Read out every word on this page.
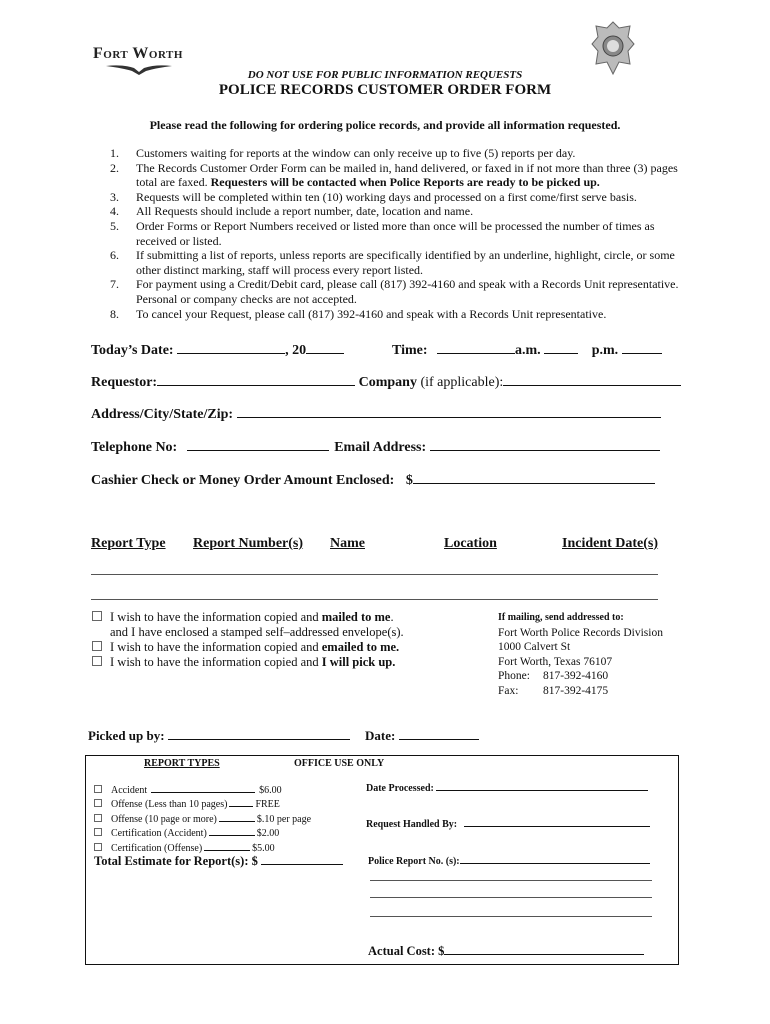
Fort Worth
DO NOT USE FOR PUBLIC INFORMATION REQUESTS
POLICE RECORDS CUSTOMER ORDER FORM
Please read the following for ordering police records, and provide all information requested.
1.	Customers waiting for reports at the window can only receive up to five (5) reports per day.
2.	The Records Customer Order Form can be mailed in, hand delivered, or faxed in if not more than three (3) pages total are faxed. Requesters will be contacted when Police Reports are ready to be picked up.
3.	Requests will be completed within ten (10) working days and processed on a first come/first serve basis.
4.	All Requests should include a report number, date, location and name.
5.	Order Forms or Report Numbers received or listed more than once will be processed the number of times as received or listed.
6.	If submitting a list of reports, unless reports are specifically identified by an underline, highlight, circle, or some other distinct marking, staff will process every report listed.
7.	For payment using a Credit/Debit card, please call (817) 392-4160 and speak with a Records Unit representative. Personal or company checks are not accepted.
8.	To cancel your Request, please call (817) 392-4160 and speak with a Records Unit representative.
Today’s Date:	, 20	Time:	a.m.	p.m.
Requestor:	Company (if applicable):
Address/City/State/Zip:
Telephone No:	Email Address:
Cashier Check or Money Order Amount Enclosed: $
Report Type Report Number(s) Name	Location	Incident Date(s)
I wish to have the information copied and mailed to me.
and I have enclosed a stamped self–addressed envelope(s).
I wish to have the information copied and emailed to me.
I wish to have the information copied and I will pick up.
If mailing, send addressed to:
Fort Worth Police Records Division
1000 Calvert St
Fort Worth, Texas 76107
Phone: 817-392-4160
Fax: 817-392-4175
Picked up by:	Date:
REPORT TYPES	OFFICE USE ONLY
Accident	$6.00
Offense (Less than 10 pages)	FREE
Offense (10 page or more)	$.10 per page
Certification (Accident)	$2.00
Certification (Offense)	$5.00
Total Estimate for Report(s): $
Date Processed:
Request Handled By:
Police Report No. (s):
Actual Cost: $
